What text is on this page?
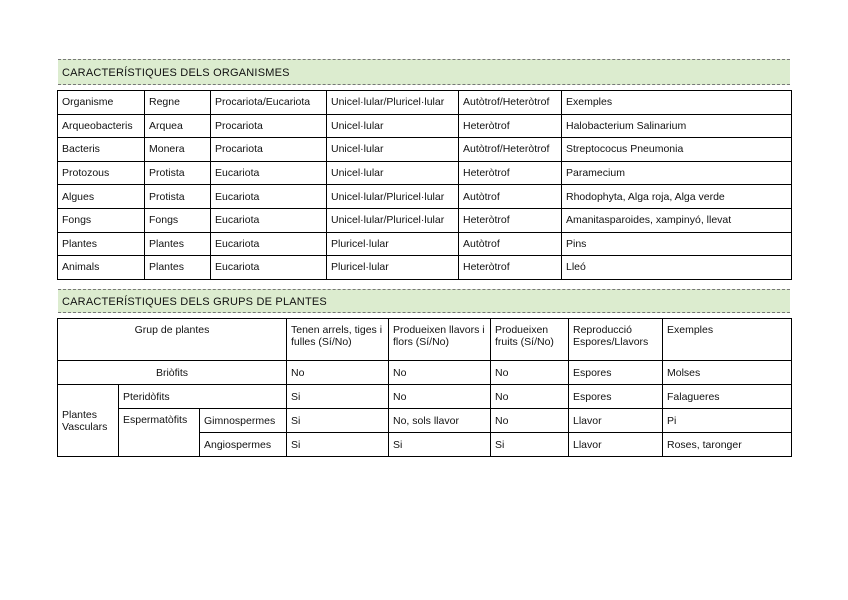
CARACTERÍSTIQUES DELS ORGANISMES
Organisme	Regne	Procariota/Eucariota	Unicel·lular/Pluricel·lular	Autòtrof/Heteròtrof	Exemples
Arqueobacteris	Arquea	Procariota	Unicel·lular	Heteròtrof	Halobacterium Salinarium
Bacteris	Monera	Procariota	Unicel·lular	Autòtrof/Heteròtrof	Streptococus Pneumonia
Protozous	Protista	Eucariota	Unicel·lular	Heteròtrof	Paramecium
Algues	Protista	Eucariota	Unicel·lular/Pluricel·lular	Autòtrof	Rhodophyta, Alga roja, Alga verde
Fongs	Fongs	Eucariota	Unicel·lular/Pluricel·lular	Heteròtrof	Amanitasparoides, xampinyó, llevat
Plantes	Plantes	Eucariota	Pluricel·lular	Autòtrof	Pins
Animals	Plantes	Eucariota	Pluricel·lular	Heteròtrof	Lleó
CARACTERÍSTIQUES DELS GRUPS DE PLANTES
Grup de plantes			Tenen arrels, tiges i fulles (Sí/No)	Produeixen llavors i flors (Sí/No)	Produeixen fruits (Sí/No)	Reproducció Espores/Llavors	Exemples
Briòfits			No	No	No	Espores	Molses
Plantes Vasculars	Pteridòfits		Si	No	No	Espores	Falagueres
	Espermatòfits	Gimnospermes	Si	No, sols llavor	No	Llavor	Pi
		Angiospermes	Si	Si	Si	Llavor	Roses, taronger
